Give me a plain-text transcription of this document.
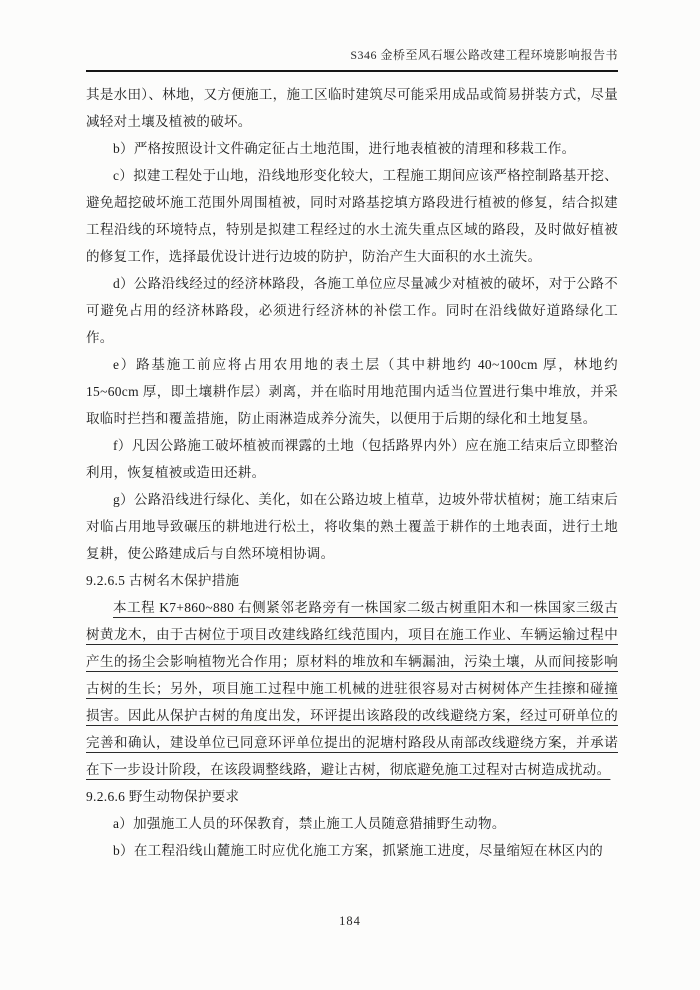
S346 金桥至风石堰公路改建工程环境影响报告书

其是水田）、林地，又方便施工，施工区临时建筑尽可能采用成品或简易拼装方式，尽量减轻对土壤及植被的破坏。

b）严格按照设计文件确定征占土地范围，进行地表植被的清理和移栽工作。

c）拟建工程处于山地，沿线地形变化较大，工程施工期间应该严格控制路基开挖、避免超挖破坏施工范围外周围植被，同时对路基挖填方路段进行植被的修复，结合拟建工程沿线的环境特点，特别是拟建工程经过的水土流失重点区域的路段，及时做好植被的修复工作，选择最优设计进行边坡的防护，防治产生大面积的水土流失。

d）公路沿线经过的经济林路段，各施工单位应尽量减少对植被的破坏，对于公路不可避免占用的经济林路段，必须进行经济林的补偿工作。同时在沿线做好道路绿化工作。

e）路基施工前应将占用农用地的表土层（其中耕地约 40~100cm 厚，林地约 15~60cm 厚，即土壤耕作层）剥离，并在临时用地范围内适当位置进行集中堆放，并采取临时拦挡和覆盖措施，防止雨淋造成养分流失，以便用于后期的绿化和土地复垦。

f）凡因公路施工破坏植被而裸露的土地（包括路界内外）应在施工结束后立即整治利用，恢复植被或造田还耕。

g）公路沿线进行绿化、美化，如在公路边坡上植草，边坡外带状植树；施工结束后对临占用地导致碾压的耕地进行松土，将收集的熟土覆盖于耕作的土地表面，进行土地复耕，使公路建成后与自然环境相协调。

9.2.6.5 古树名木保护措施

本工程 K7+860~880 右侧紧邻老路旁有一株国家二级古树重阳木和一株国家三级古树黄龙木，由于古树位于项目改建线路红线范围内，项目在施工作业、车辆运输过程中产生的扬尘会影响植物光合作用；原材料的堆放和车辆漏油，污染土壤，从而间接影响古树的生长；另外，项目施工过程中施工机械的进驻很容易对古树树体产生挂擦和碰撞损害。因此从保护古树的角度出发，环评提出该路段的改线避绕方案，经过可研单位的完善和确认，建设单位已同意环评单位提出的泥塘村路段从南部改线避绕方案，并承诺在下一步设计阶段，在该段调整线路，避让古树，彻底避免施工过程对古树造成扰动。

9.2.6.6 野生动物保护要求

a）加强施工人员的环保教育，禁止施工人员随意猎捕野生动物。

b）在工程沿线山麓施工时应优化施工方案，抓紧施工进度，尽量缩短在林区内的

184
